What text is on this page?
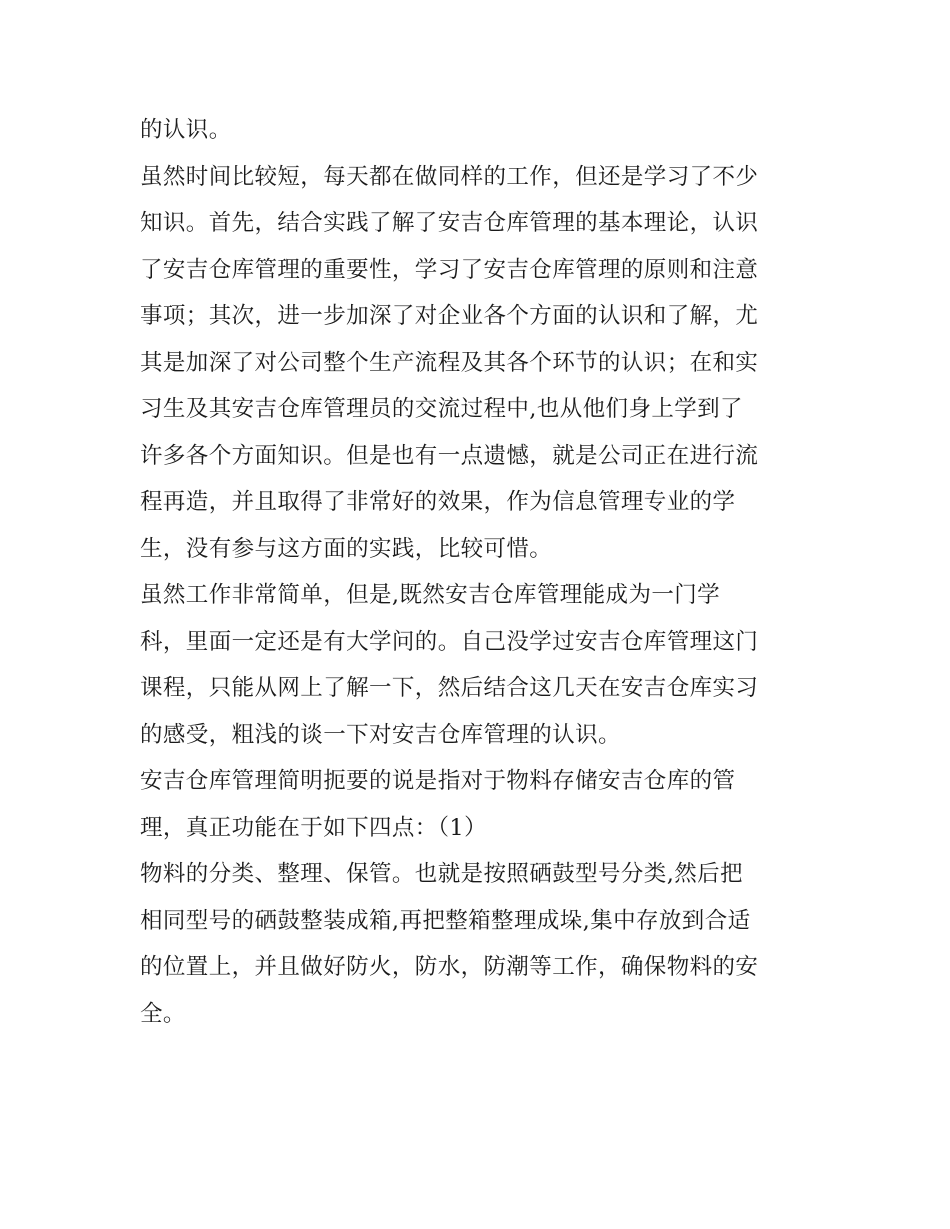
的认识。
虽然时间比较短，每天都在做同样的工作，但还是学习了不少
知识。首先，结合实践了解了安吉仓库管理的基本理论，认识
了安吉仓库管理的重要性，学习了安吉仓库管理的原则和注意
事项；其次，进一步加深了对企业各个方面的认识和了解，尤
其是加深了对公司整个生产流程及其各个环节的认识；在和实
习生及其安吉仓库管理员的交流过程中,也从他们身上学到了
许多各个方面知识。但是也有一点遗憾，就是公司正在进行流
程再造，并且取得了非常好的效果，作为信息管理专业的学
生，没有参与这方面的实践，比较可惜。
虽然工作非常简单，但是,既然安吉仓库管理能成为一门学
科，里面一定还是有大学问的。自己没学过安吉仓库管理这门
课程，只能从网上了解一下，然后结合这几天在安吉仓库实习
的感受，粗浅的谈一下对安吉仓库管理的认识。
安吉仓库管理简明扼要的说是指对于物料存储安吉仓库的管
理，真正功能在于如下四点：（1）
物料的分类、整理、保管。也就是按照硒鼓型号分类,然后把
相同型号的硒鼓整装成箱,再把整箱整理成垛,集中存放到合适
的位置上，并且做好防火，防水，防潮等工作，确保物料的安
全。
